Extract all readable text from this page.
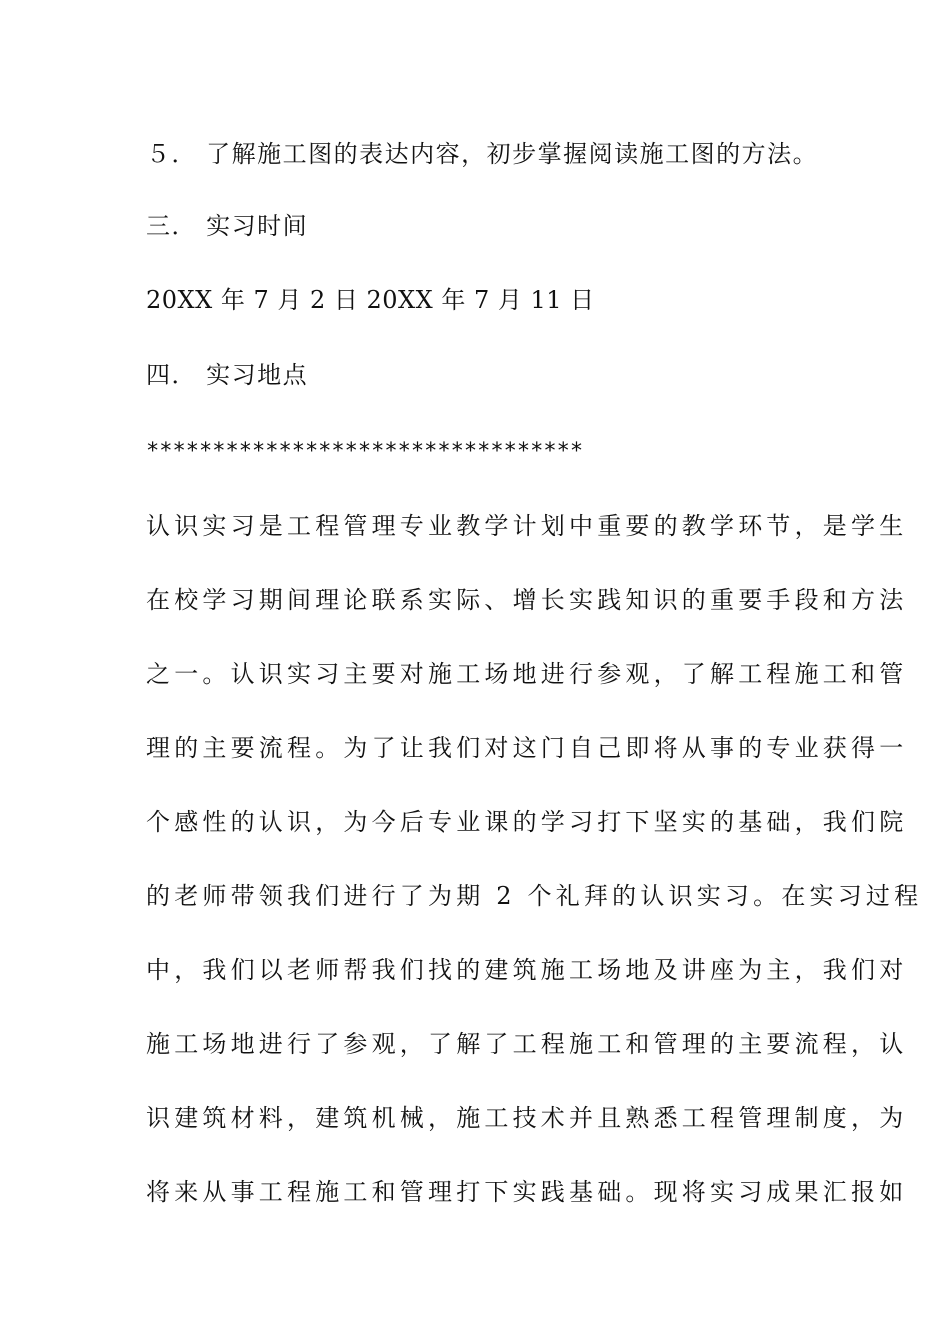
５． 了解施工图的表达内容，初步掌握阅读施工图的方法。
三． 实习时间
20XX 年 7 月 2 日 20XX 年 7 月 11 日
四． 实习地点
*********************************
认识实习是工程管理专业教学计划中重要的教学环节，是学生
在校学习期间理论联系实际、增长实践知识的重要手段和方法
之一。认识实习主要对施工场地进行参观，了解工程施工和管
理的主要流程。为了让我们对这门自己即将从事的专业获得一
个感性的认识，为今后专业课的学习打下坚实的基础，我们院
的老师带领我们进行了为期 2 个礼拜的认识实习。在实习过程
中，我们以老师帮我们找的建筑施工场地及讲座为主，我们对
施工场地进行了参观，了解了工程施工和管理的主要流程，认
识建筑材料，建筑机械，施工技术并且熟悉工程管理制度，为
将来从事工程施工和管理打下实践基础。现将实习成果汇报如
